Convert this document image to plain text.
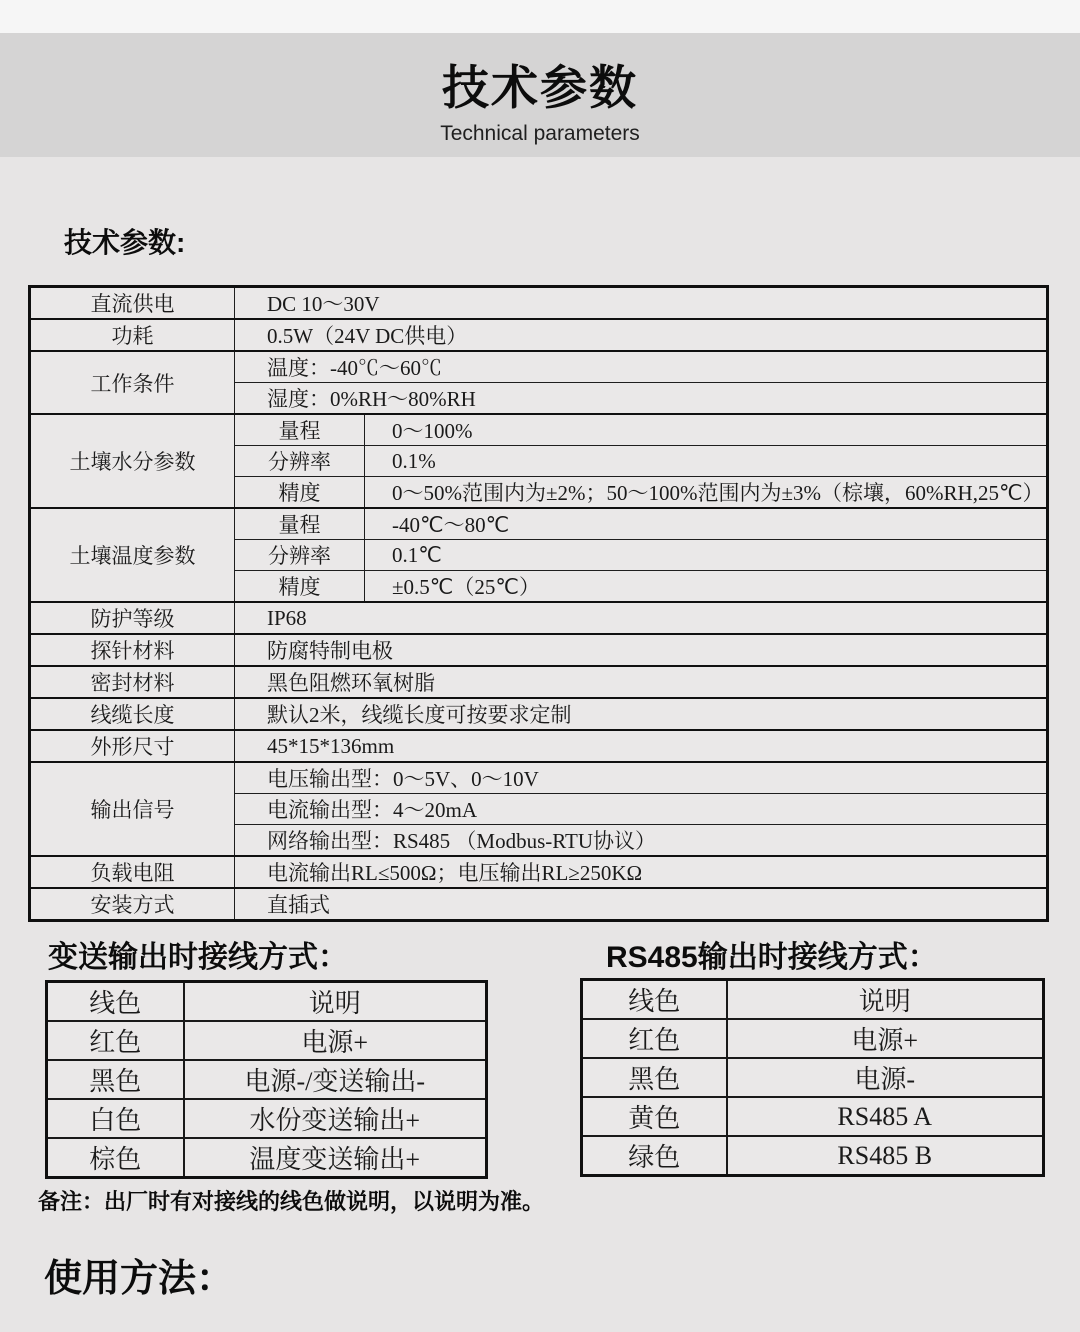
技术参数
Technical parameters
技术参数:
直流供电	DC 10～30V	
功耗	0.5W（24V DC供电）	
工作条件	温度：-40℃～60℃	
	湿度：0%RH～80%RH	
土壤水分参数	量程	0～100%
	分辨率	0.1%
	精度	0～50%范围内为±2%；50～100%范围内为±3%（棕壤，60%RH,25℃）
土壤温度参数	量程	-40℃～80℃
	分辨率	0.1℃
	精度	±0.5℃（25℃）
防护等级	IP68	
探针材料	防腐特制电极	
密封材料	黑色阻燃环氧树脂	
线缆长度	默认2米，线缆长度可按要求定制	
外形尺寸	45*15*136mm	
输出信号	电压输出型：0～5V、0～10V	
	电流输出型：4～20mA	
	网络输出型：RS485 （Modbus-RTU协议）	
负载电阻	电流输出RL≤500Ω；电压输出RL≥250KΩ	
安装方式	直插式	
变送输出时接线方式：	RS485输出时接线方式：
线色	说明
红色	电源+
黑色	电源-/变送输出-
白色	水份变送输出+
棕色	温度变送输出+
线色	说明
红色	电源+
黑色	电源-
黄色	RS485 A
绿色	RS485 B
备注：出厂时有对接线的线色做说明，以说明为准。
使用方法：
